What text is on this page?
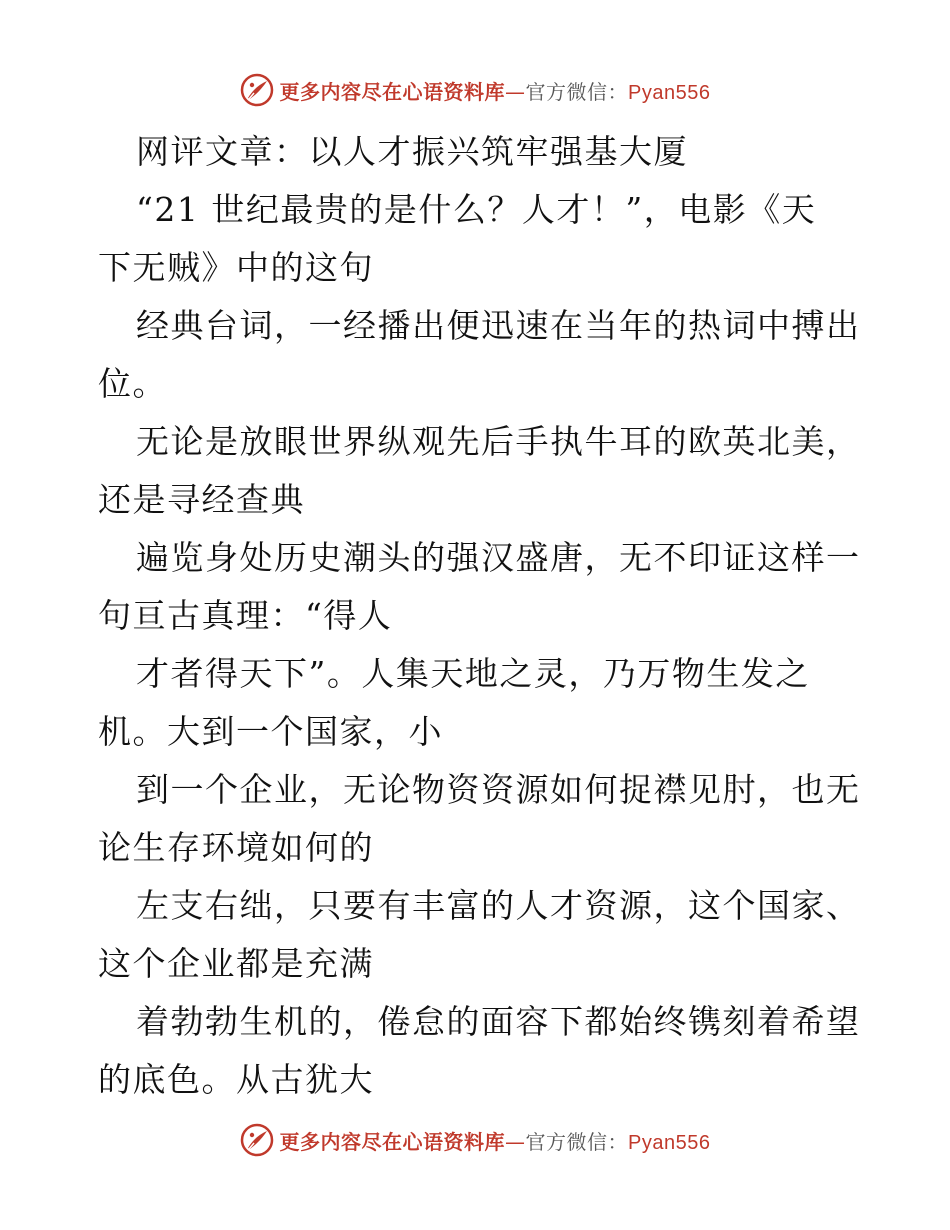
更多内容尽在心语资料库—官方微信：Pyan556
网评文章：以人才振兴筑牢强基大厦
“21 世纪最贵的是什么？人才！”，电影《天
下无贼》中的这句
经典台词，一经播出便迅速在当年的热词中搏出
位。
无论是放眼世界纵观先后手执牛耳的欧英北美，
还是寻经查典
遍览身处历史潮头的强汉盛唐，无不印证这样一
句亘古真理：“得人
才者得天下”。人集天地之灵，乃万物生发之
机。大到一个国家，小
到一个企业，无论物资资源如何捉襟见肘，也无
论生存环境如何的
左支右绌，只要有丰富的人才资源，这个国家、
这个企业都是充满
着勃勃生机的，倦怠的面容下都始终镌刻着希望
的底色。从古犹大
更多内容尽在心语资料库—官方微信：Pyan556
